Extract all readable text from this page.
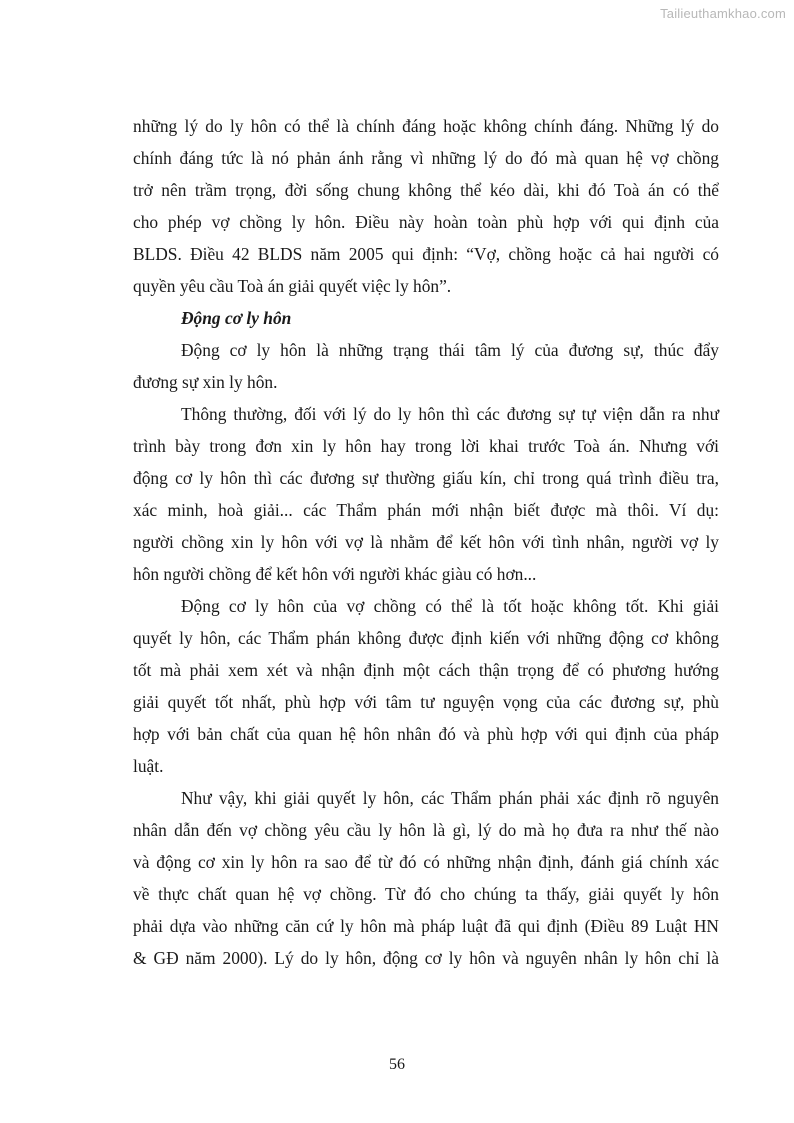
Tailieuthamkhao.com
những lý do ly hôn có thể là chính đáng hoặc không chính đáng. Những lý do
chính đáng tức là nó phản ánh rằng vì những lý do đó mà quan hệ vợ chồng
trở nên trầm trọng, đời sống chung không thể kéo dài, khi đó Toà án có thể
cho phép vợ chồng ly hôn. Điều này hoàn toàn phù hợp với qui định của
BLDS. Điều 42 BLDS năm 2005 qui định: “Vợ, chồng hoặc cả hai người có
quyền yêu cầu Toà án giải quyết việc ly hôn”.
Động cơ ly hôn
Động cơ ly hôn là những trạng thái tâm lý của đương sự, thúc đẩy
đương sự xin ly hôn.
Thông thường, đối với lý do ly hôn thì các đương sự tự viện dẫn ra như
trình bày trong đơn xin ly hôn hay trong lời khai trước Toà án. Nhưng với
động cơ ly hôn thì các đương sự thường giấu kín, chỉ trong quá trình điều tra,
xác minh, hoà giải... các Thẩm phán mới nhận biết được mà thôi. Ví dụ:
người chồng xin ly hôn với vợ là nhằm để kết hôn với tình nhân, người vợ ly
hôn người chồng để kết hôn với người khác giàu có hơn...
Động cơ ly hôn của vợ chồng có thể là tốt hoặc không tốt. Khi giải
quyết ly hôn, các Thẩm phán không được định kiến với những động cơ không
tốt mà phải xem xét và nhận định một cách thận trọng để có phương hướng
giải quyết tốt nhất, phù hợp với tâm tư nguyện vọng của các đương sự, phù
hợp với bản chất của quan hệ hôn nhân đó và phù hợp với qui định của pháp
luật.
Như vậy, khi giải quyết ly hôn, các Thẩm phán phải xác định rõ nguyên
nhân dẫn đến vợ chồng yêu cầu ly hôn là gì, lý do mà họ đưa ra như thế nào
và động cơ xin ly hôn ra sao để từ đó có những nhận định, đánh giá chính xác
về thực chất quan hệ vợ chồng. Từ đó cho chúng ta thấy, giải quyết ly hôn
phải dựa vào những căn cứ ly hôn mà pháp luật đã qui định (Điều 89 Luật HN
& GĐ năm 2000). Lý do ly hôn, động cơ ly hôn và nguyên nhân ly hôn chỉ là
56
